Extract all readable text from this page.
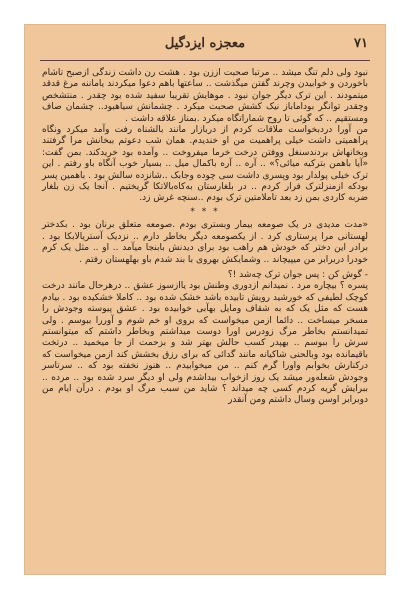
٧١
معجزه ایزدگیل

نبود ولی دلم تنگ میشد .. مرتبا صحبت اززن بود . هشت رن داشت زندگی ازصبح تاشام باخوردن و خوابیدن وچرند گفتن میگذشت .. ساعتها باهم دعوا میکردند یاماننه مرغ قدقد میتمودند . این ترک دیگر جوان نبود . موهایش تقریبا سفید شده بود چقدر . منتشخص وچقدر توانگر بوداماباز نیک کشش صحبت میکرد . چشمانش سیاهبود.. چشمان صاف ومستقیم .. که گوئی تا روح شماراتگاه میکرد .بمناز علاقه داشت .

من آورا دردبخواست ملاقات کردم از دربازار مانند بالشناه رفت وآمد میکرد ونگاه پراهمیتی داشت خیلی پراهمیت من او خندیدم. همان شب دعوتم ببخانش مرا گرفتند وبخانهاش بردندسنغل ووفتن درخت خرما میفروخت .. وآمده بود خریدکند. بمن گفت: «آیا باهمن بترکیه میائی؟» .. آره .. آره باکمال میل .. بسیار خوب آنگاه باو رفتم . این ترک خیلی پولدار بود وپسری داشت سی چوده وجابک ..شانزده سالش بود . باهمین پسر بودکه ازمنزلترک فرار کردم .. در بلغارستان به‌کاه‌بالاتکا گریختیم . آنجا یک زن بلغار ضربه کاردی بمن زد بعد تاملامتین ترک بودم ..سنچه غرش زد.

* * *

«مدت مدیدی در یک صومعه بیمار وبستری بودم .صومعه متعلق برنان بود . بکدختر لهستانی مرا پرستاری کرد . از یکصومعه دیگر بخاطر دارم .. نزدیک آستریالابکا بود . برادر این دختر که خودش هم راهب بود برای دیدنش بابنجا میآمد .. او .. مثل یک کرم خودرا دربرابر من میپیچاند .. وشمایکش بهروی با بند شدم باو بهلهستان رفتم .

- گوش کن : پس جوان ترک چه‌شد !؟

پسره ؟ بیچاره مرد . نمیدانم ازدوری وطنش بود یاازسوز عشق .. درهرحال مانند درخت کوچک لطیفی که خورشید رویش تابیده باشد خشک شده بود .. کاملا خشکیده بود . بیادم هست که مثل یک که به شقاف ومایل بهآبی خوابیده بود . عشق پیوسته وجودش را مسخر میساخت .. دائما ازمن میخواست که بروی او خم شوم و آوررا ببوسم . ولی تمیدانستم بخاطر مرگ زودرس اورا دوست میداشتم وبخاطر داشتم که میتوانستم سرش را ببوسم .. بهپدر کسب حالش بهتر شد و بزحمت از جا میخمید .. درتخت باقیمانده بود وبالحنی شاکیانه مانند گدائی که برای رزق بخشش کند ازمن میخواست که درکنارش بخوابم واورا گرم کنم .. من میخوابیدم .. هنوز نخفته بود که .. سرتاسر وجودش شعله‌ور میشد یک روز ازخواب بیداشدم ولی او دیگر سرد شده بود .. مرده .. ببرایش گریه کردم کسی چه میداند ؟ شاید من سبب مرگ او بودم . درآن ایام من دوبرابر اوسن وسال داشتم ومن آنقدر
